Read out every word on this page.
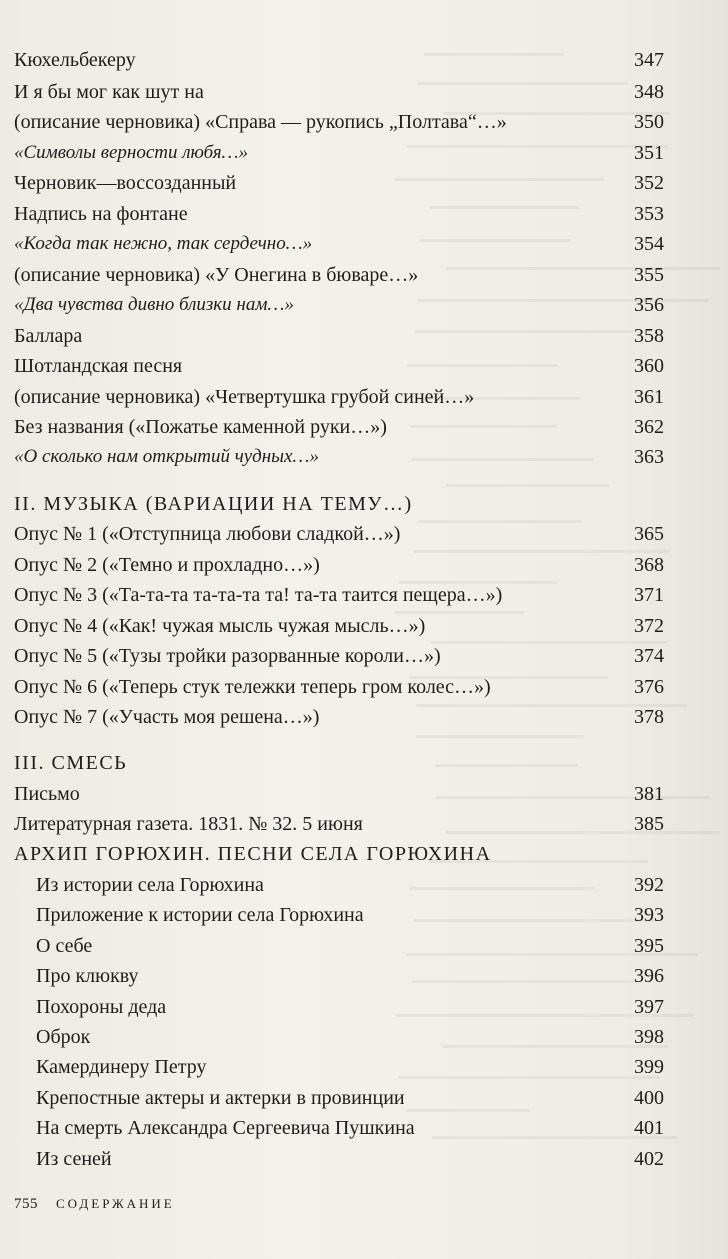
Кюхельбекеру	347
И я бы мог как шут на	348
(описание черновика) «Справа — рукопись „Полтава“…»	350
«Символы верности любя…»	351
Черновик—воссозданный	352
Надпись на фонтане	353
«Когда так нежно, так сердечно…»	354
(описание черновика) «У Онегина в бюваре…»	355
«Два чувства дивно близки нам…»	356
Баллара	358
Шотландская песня	360
(описание черновика) «Четвертушка грубой синей…»	361
Без названия («Пожатье каменной руки…»)	362
«О сколько нам открытий чудных…»	363
II. МУЗЫКА (ВАРИАЦИИ НА ТЕМУ…)
Опус № 1 («Отступница любови сладкой…»)	365
Опус № 2 («Темно и прохладно…»)	368
Опус № 3 («Та-та-та та-та-та та! та-та таится пещера…»)	371
Опус № 4 («Как! чужая мысль чужая мысль…»)	372
Опус № 5 («Тузы тройки разорванные короли…»)	374
Опус № 6 («Теперь стук тележки теперь гром колес…»)	376
Опус № 7 («Участь моя решена…»)	378
III. СМЕСЬ
Письмо	381
Литературная газета. 1831. № 32. 5 июня	385
АРХИП ГОРЮХИН. ПЕСНИ СЕЛА ГОРЮХИНА
Из истории села Горюхина	392
Приложение к истории села Горюхина	393
О себе	395
Про клюкву	396
Похороны деда	397
Оброк	398
Камердинеру Петру	399
Крепостные актеры и актерки в провинции	400
На смерть Александра Сергеевича Пушкина	401
Из сеней	402
755 СОДЕРЖАНИЕ
